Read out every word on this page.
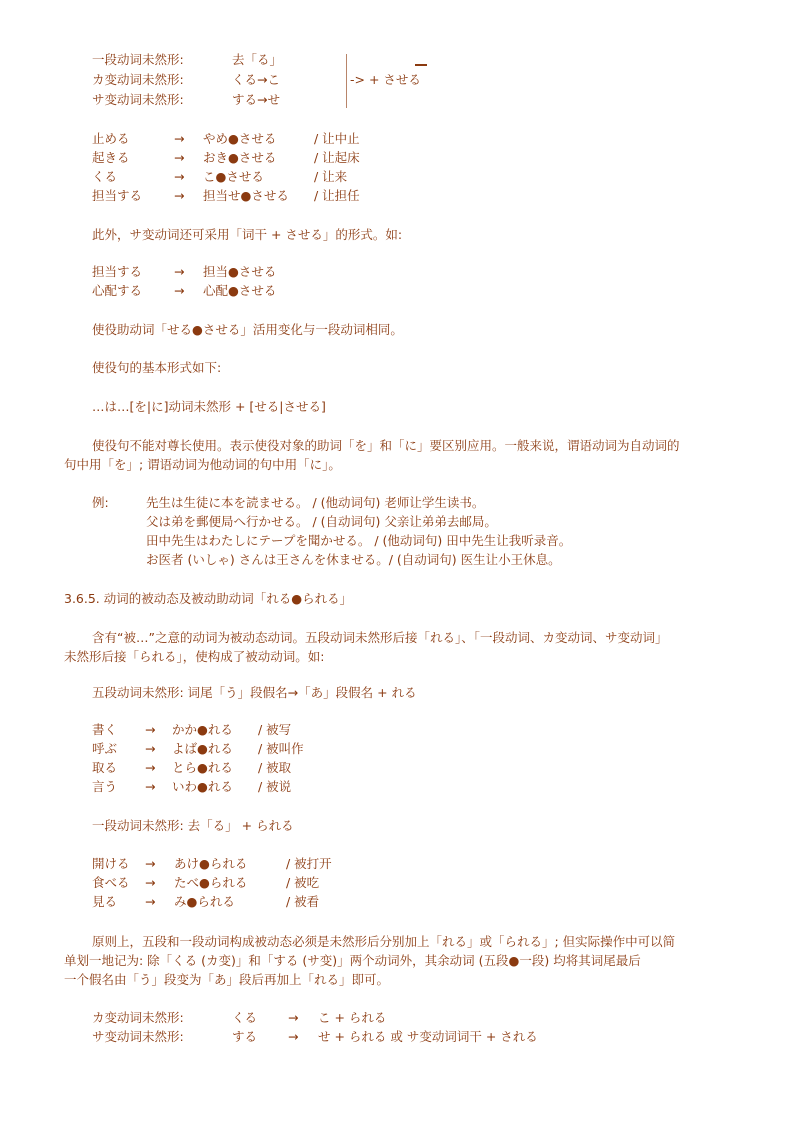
一段动词未然形:	去「る」
カ变动词未然形:	くる→こ
サ变动词未然形:	する→せ
-> + させる
止める	→ やめ●させる	/ 让中止
起きる	→ おき●させる	/ 让起床
くる	→ こ●させる	/ 让来
担当する	→ 担当せ●させる / 让担任
此外，サ变动词还可采用「词干 + させる」的形式。如:
担当する	→ 担当●させる
心配する	→ 心配●させる
使役助动词「せる●させる」活用变化与一段动词相同。
使役句的基本形式如下:
…は…[を|に]动词未然形 + [せる|させる]
使役句不能对尊长使用。表示使役对象的助词「を」和「に」要区别应用。一般来说，谓语动词为自动词的
句中用「を」; 谓语动词为他动词的句中用「に」。
例:	先生は生徒に本を読ませる。 / (他动词句) 老师让学生读书。
父は弟を郵便局へ行かせる。 / (自动词句) 父亲让弟弟去邮局。
田中先生はわたしにテープを聞かせる。 / (他动词句) 田中先生让我听录音。
お医者 (いしゃ) さんは王さんを休ませる。/ (自动词句) 医生让小王休息。
3.6.5. 动词的被动态及被动助动词「れる●られる」
含有“被…”之意的动词为被动态动词。五段动词未然形后接「れる」、「一段动词、カ变动词、サ变动词」
未然形后接「られる」，使构成了被动动词。如:
五段动词未然形: 词尾「う」段假名→「あ」段假名 + れる
書く → かか●れる / 被写
呼ぶ → よば●れる / 被叫作
取る → とら●れる / 被取
言う → いわ●れる / 被说
一段动词未然形: 去「る」 + られる
開ける → あけ●られる	/ 被打开
食べる → たべ●られる	/ 被吃
見る → み●られる	/ 被看
原则上，五段和一段动词构成被动态必须是未然形后分别加上「れる」或「られる」; 但实际操作中可以简
单划一地记为: 除「くる (カ变)」和「する (サ变)」两个动词外，其余动词 (五段●一段) 均将其词尾最后
一个假名由「う」段变为「あ」段后再加上「れる」即可。
カ变动词未然形:	くる → こ + られる
サ变动词未然形:	する → せ + られる 或 サ变动词词干 + される
